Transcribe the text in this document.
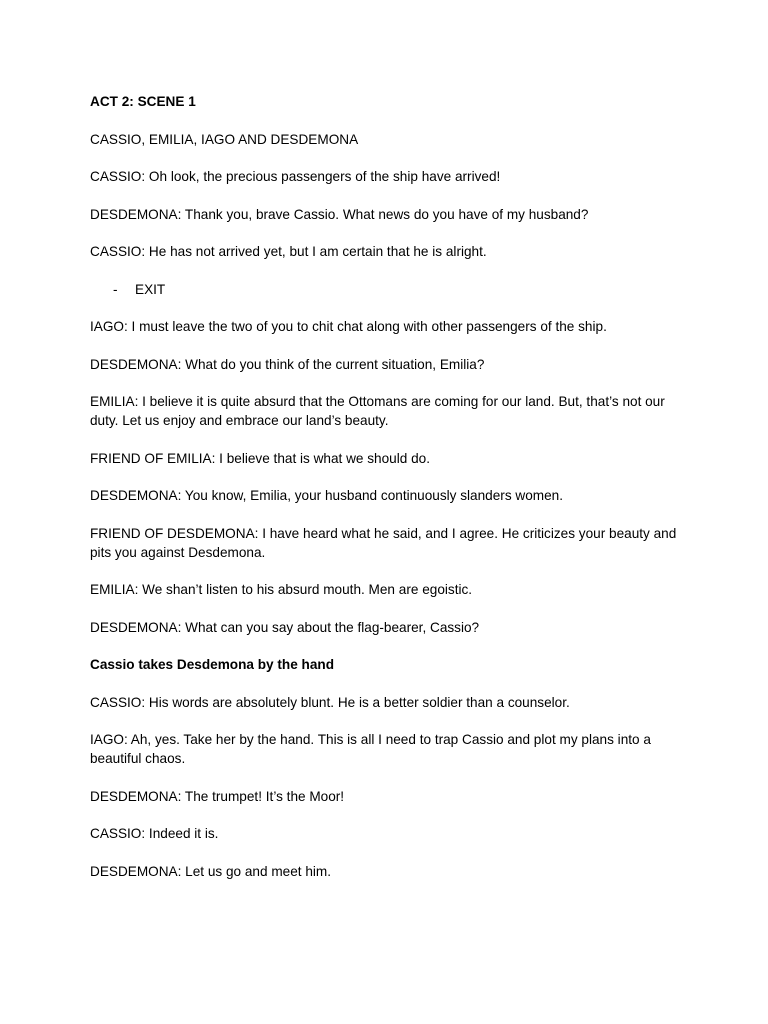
ACT 2: SCENE 1

CASSIO, EMILIA, IAGO AND DESDEMONA

CASSIO: Oh look, the precious passengers of the ship have arrived!

DESDEMONA: Thank you, brave Cassio. What news do you have of my husband?

CASSIO: He has not arrived yet, but I am certain that he is alright.

-	EXIT

IAGO: I must leave the two of you to chit chat along with other passengers of the ship.

DESDEMONA: What do you think of the current situation, Emilia?

EMILIA: I believe it is quite absurd that the Ottomans are coming for our land. But, that’s not our duty. Let us enjoy and embrace our land’s beauty.

FRIEND OF EMILIA: I believe that is what we should do.

DESDEMONA: You know, Emilia, your husband continuously slanders women.

FRIEND OF DESDEMONA: I have heard what he said, and I agree. He criticizes your beauty and pits you against Desdemona.

EMILIA: We shan’t listen to his absurd mouth. Men are egoistic.

DESDEMONA: What can you say about the flag-bearer, Cassio?

Cassio takes Desdemona by the hand

CASSIO: His words are absolutely blunt. He is a better soldier than a counselor.

IAGO: Ah, yes. Take her by the hand. This is all I need to trap Cassio and plot my plans into a beautiful chaos.

DESDEMONA: The trumpet! It’s the Moor!

CASSIO: Indeed it is.

DESDEMONA: Let us go and meet him.
